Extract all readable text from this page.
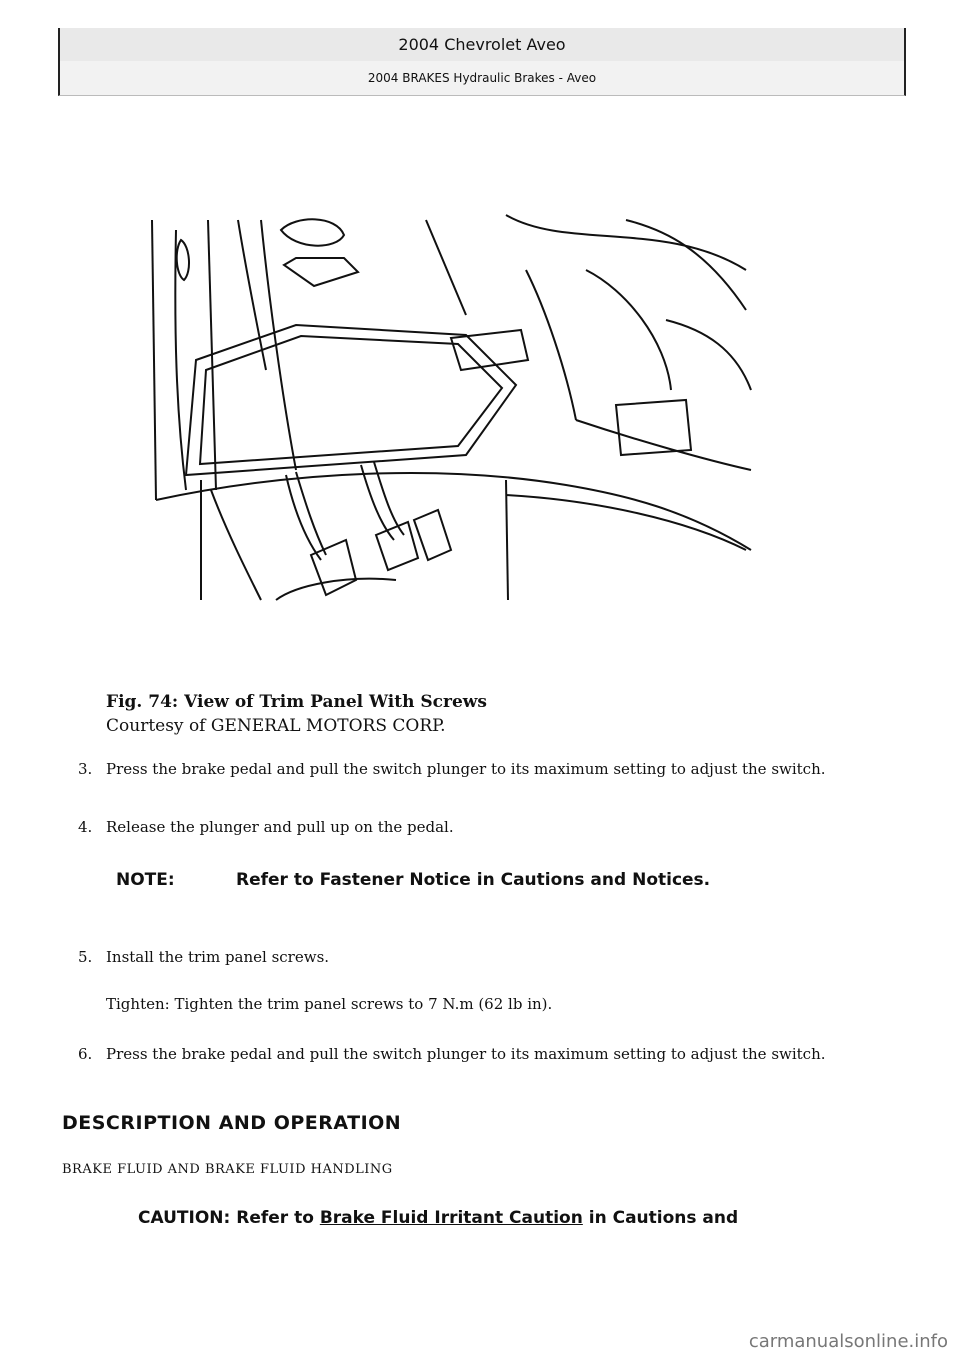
2004 Chevrolet Aveo
2004 BRAKES Hydraulic Brakes - Aveo
Fig. 74: View of Trim Panel With Screws
Courtesy of GENERAL MOTORS CORP.
3. Press the brake pedal and pull the switch plunger to its maximum setting to adjust the switch.
4. Release the plunger and pull up on the pedal.
NOTE:	Refer to Fastener Notice in Cautions and Notices.
5. Install the trim panel screws.
Tighten: Tighten the trim panel screws to 7 N.m (62 lb in).
6. Press the brake pedal and pull the switch plunger to its maximum setting to adjust the switch.
DESCRIPTION AND OPERATION
BRAKE FLUID AND BRAKE FLUID HANDLING
CAUTION: Refer to Brake Fluid Irritant Caution in Cautions and
carmanualsonline.info
